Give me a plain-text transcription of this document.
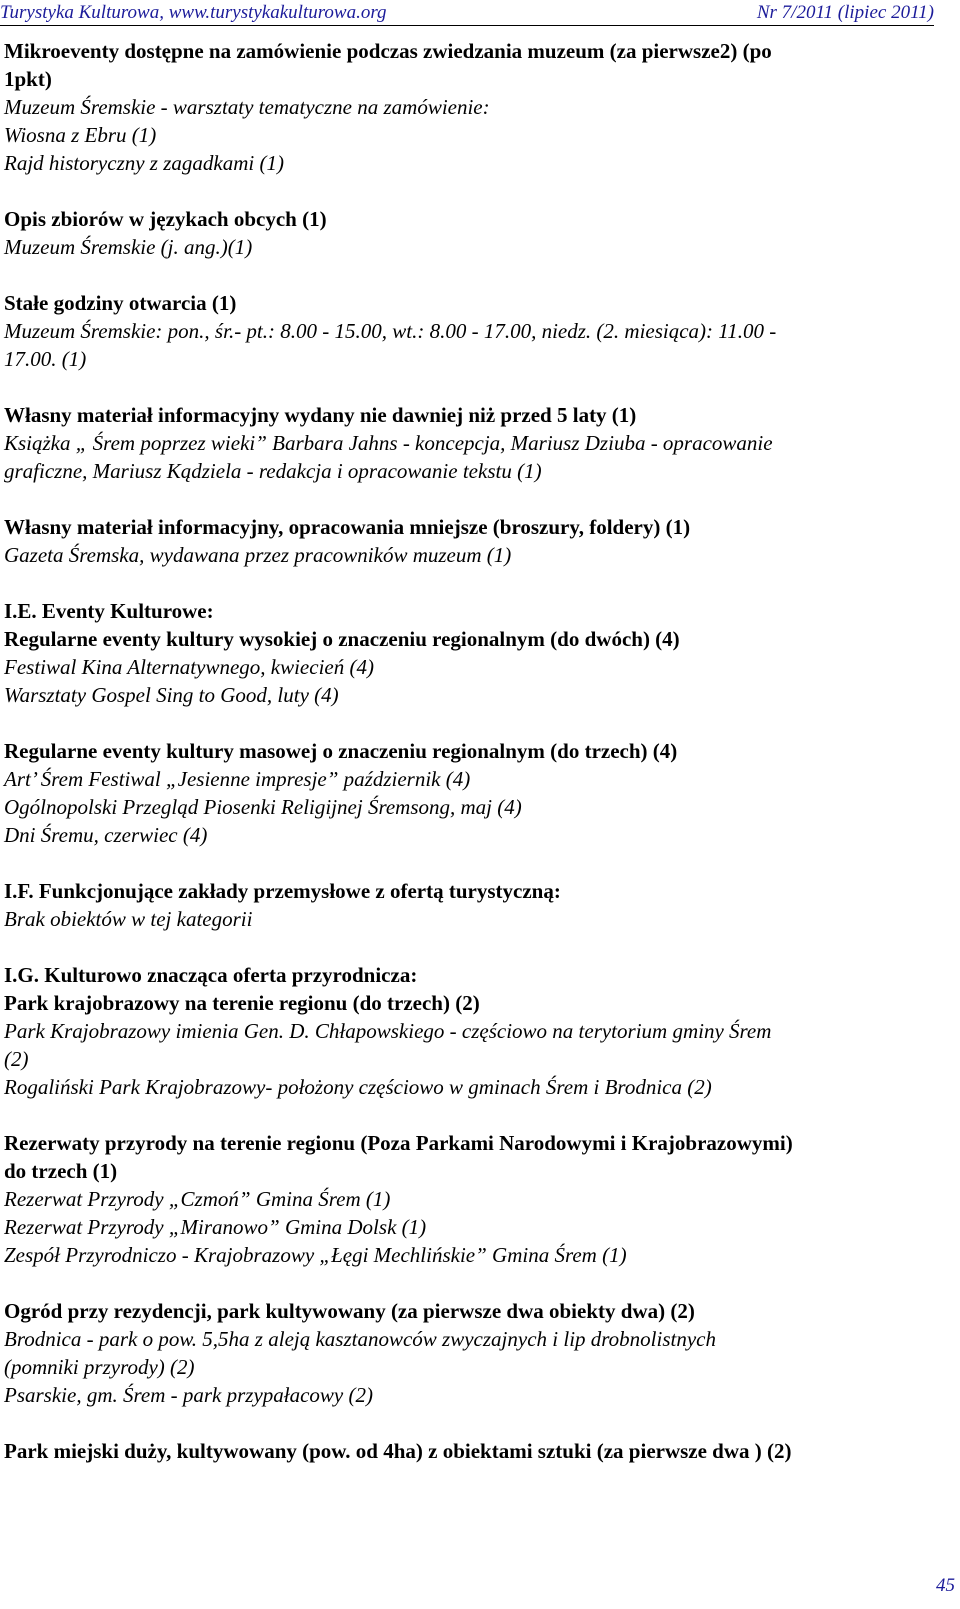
Turystyka Kulturowa, www.turystykakulturowa.org	Nr 7/2011 (lipiec 2011)
Mikroeventy dostępne na zamówienie podczas zwiedzania muzeum (za pierwsze2) (po
1pkt)
Muzeum Śremskie - warsztaty tematyczne na zamówienie:
Wiosna z Ebru (1)
Rajd historyczny z zagadkami (1)
Opis zbiorów w językach obcych (1)
Muzeum Śremskie (j. ang.)(1)
Stałe godziny otwarcia (1)
Muzeum Śremskie: pon., śr.- pt.: 8.00 - 15.00, wt.: 8.00 - 17.00, niedz. (2. miesiąca): 11.00 -
17.00. (1)
Własny materiał informacyjny wydany nie dawniej niż przed 5 laty (1)
Książka „ Śrem poprzez wieki” Barbara Jahns - koncepcja, Mariusz Dziuba - opracowanie
graficzne, Mariusz Kądziela - redakcja i opracowanie tekstu (1)
Własny materiał informacyjny, opracowania mniejsze (broszury, foldery) (1)
Gazeta Śremska, wydawana przez pracowników muzeum (1)
I.E. Eventy Kulturowe:
Regularne eventy kultury wysokiej o znaczeniu regionalnym (do dwóch) (4)
Festiwal Kina Alternatywnego, kwiecień (4)
Warsztaty Gospel Sing to Good, luty (4)
Regularne eventy kultury masowej o znaczeniu regionalnym (do trzech) (4)
Art’ Śrem Festiwal „Jesienne impresje” październik (4)
Ogólnopolski Przegląd Piosenki Religijnej Śremsong, maj (4)
Dni Śremu, czerwiec (4)
I.F. Funkcjonujące zakłady przemysłowe z ofertą turystyczną:
Brak obiektów w tej kategorii
I.G. Kulturowo znacząca oferta przyrodnicza:
Park krajobrazowy na terenie regionu (do trzech) (2)
Park Krajobrazowy imienia Gen. D. Chłapowskiego - częściowo na terytorium gminy Śrem
(2)
Rogaliński Park Krajobrazowy- położony częściowo w gminach Śrem i Brodnica (2)
Rezerwaty przyrody na terenie regionu (Poza Parkami Narodowymi i Krajobrazowymi)
do trzech (1)
Rezerwat Przyrody „Czmoń” Gmina Śrem (1)
Rezerwat Przyrody „Miranowo” Gmina Dolsk (1)
Zespół Przyrodniczo - Krajobrazowy „Łęgi Mechlińskie” Gmina Śrem (1)
Ogród przy rezydencji, park kultywowany (za pierwsze dwa obiekty dwa) (2)
Brodnica - park o pow. 5,5ha z aleją kasztanowców zwyczajnych i lip drobnolistnych
(pomniki przyrody) (2)
Psarskie, gm. Śrem - park przypałacowy (2)
Park miejski duży, kultywowany (pow. od 4ha) z obiektami sztuki (za pierwsze dwa ) (2)
45
